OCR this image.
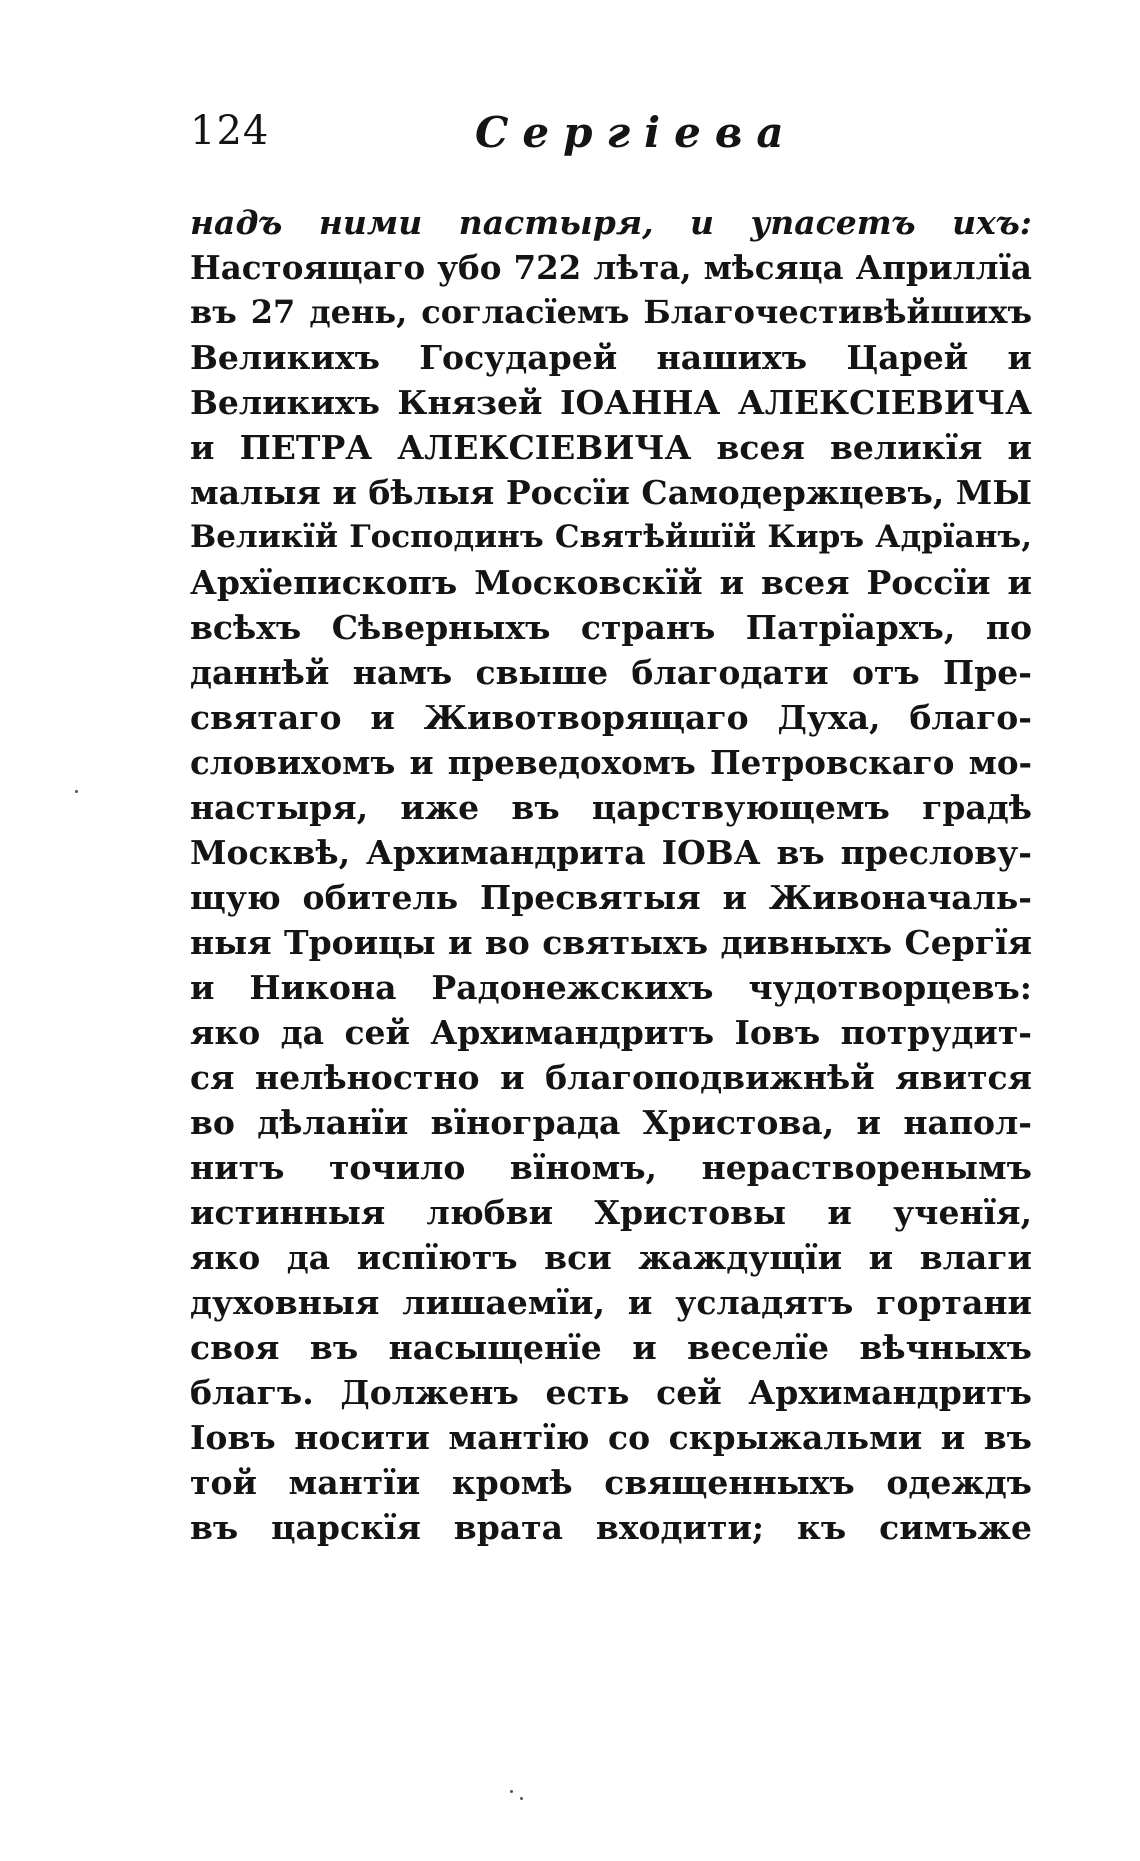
124	Сергіева
надъ ними пастыря, и упасетъ ихъ:
Настоящаго убо 722 лѣта, мѣсяца Априллїа
въ 27 день, согласїемъ Благочестивѣйшихъ
Великихъ Государей нашихъ Царей и
Великихъ Князей ІОАННА АЛЕКСІЕВИЧА
и ПЕТРА АЛЕКСІЕВИЧА всея великїя и
малыя и бѣлыя Россїи Самодержцевъ, МЫ
Великїй Господинъ Святѣйшїй Киръ Адрїанъ,
Архїепископъ Московскїй и всея Россїи и
всѣхъ Сѣверныхъ странъ Патрїархъ, по
даннѣй намъ свыше благодати отъ Пре-
святаго и Животворящаго Духа, благо-
словихомъ и преведохомъ Петровскаго мо-
настыря, иже въ царствующемъ градѣ
Москвѣ, Архимандрита ІОВА въ преслову-
щую обитель Пресвятыя и Живоначаль-
ныя Троицы и во святыхъ дивныхъ Сергїя
и Никона Радонежскихъ чудотворцевъ:
яко да сей Архимандритъ Іовъ потрудит-
ся нелѣностно и благоподвижнѣй явится
во дѣланїи вїнограда Христова, и напол-
нитъ точило вїномъ, нерастворенымъ
истинныя любви Христовы и ученїя,
яко да испїютъ вси жаждущїи и влаги
духовныя лишаемїи, и усладятъ гортани
своя въ насыщенїе и веселїе вѣчныхъ
благъ. Долженъ есть сей Архимандритъ
Іовъ носити мантїю со скрыжальми и въ
той мантїи кромѣ священныхъ одеждъ
въ царскїя врата входити; къ симъже
